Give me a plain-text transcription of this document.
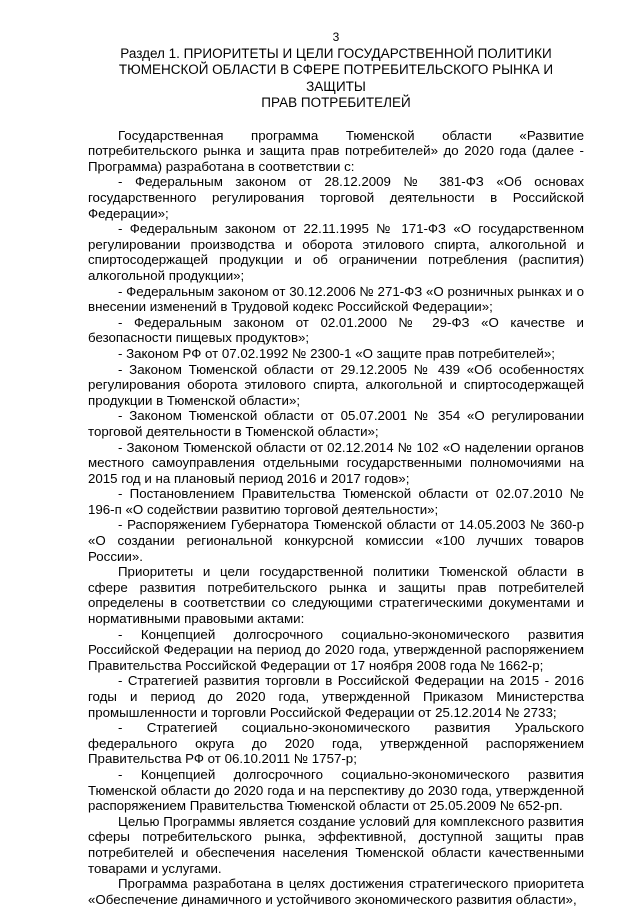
3
Раздел 1. ПРИОРИТЕТЫ И ЦЕЛИ ГОСУДАРСТВЕННОЙ ПОЛИТИКИ
ТЮМЕНСКОЙ ОБЛАСТИ В СФЕРЕ ПОТРЕБИТЕЛЬСКОГО РЫНКА И ЗАЩИТЫ
ПРАВ ПОТРЕБИТЕЛЕЙ

Государственная программа Тюменской области «Развитие потребительского рынка и защита прав потребителей» до 2020 года (далее - Программа) разработана в соответствии с:

- Федеральным законом от 28.12.2009 № 381-ФЗ «Об основах государственного регулирования торговой деятельности в Российской Федерации»;

- Федеральным законом от 22.11.1995 № 171-ФЗ «О государственном регулировании производства и оборота этилового спирта, алкогольной и спиртосодержащей продукции и об ограничении потребления (распития) алкогольной продукции»;

- Федеральным законом от 30.12.2006 № 271-ФЗ «О розничных рынках и о внесении изменений в Трудовой кодекс Российской Федерации»;

- Федеральным законом от 02.01.2000 № 29-ФЗ «О качестве и безопасности пищевых продуктов»;

- Законом РФ от 07.02.1992 № 2300-1 «О защите прав потребителей»;

- Законом Тюменской области от 29.12.2005 № 439 «Об особенностях регулирования оборота этилового спирта, алкогольной и спиртосодержащей продукции в Тюменской области»;

- Законом Тюменской области от 05.07.2001 № 354 «О регулировании торговой деятельности в Тюменской области»;

- Законом Тюменской области от 02.12.2014 № 102 «О наделении органов местного самоуправления отдельными государственными полномочиями на 2015 год и на плановый период 2016 и 2017 годов»;

- Постановлением Правительства Тюменской области от 02.07.2010 № 196-п «О содействии развитию торговой деятельности»;

- Распоряжением Губернатора Тюменской области от 14.05.2003 № 360-р «О создании региональной конкурсной комиссии «100 лучших товаров России».

Приоритеты и цели государственной политики Тюменской области в сфере развития потребительского рынка и защиты прав потребителей определены в соответствии со следующими стратегическими документами и нормативными правовыми актами:

- Концепцией долгосрочного социально-экономического развития Российской Федерации на период до 2020 года, утвержденной распоряжением Правительства Российской Федерации от 17 ноября 2008 года № 1662-р;

- Стратегией развития торговли в Российской Федерации на 2015 - 2016 годы и период до 2020 года, утвержденной Приказом Министерства промышленности и торговли Российской Федерации от 25.12.2014 № 2733;

- Стратегией социально-экономического развития Уральского федерального округа до 2020 года, утвержденной распоряжением Правительства РФ от 06.10.2011 № 1757-р;

- Концепцией долгосрочного социально-экономического развития Тюменской области до 2020 года и на перспективу до 2030 года, утвержденной распоряжением Правительства Тюменской области от 25.05.2009 № 652-рп.

Целью Программы является создание условий для комплексного развития сферы потребительского рынка, эффективной, доступной защиты прав потребителей и обеспечения населения Тюменской области качественными товарами и услугами.

Программа разработана в целях достижения стратегического приоритета «Обеспечение динамичного и устойчивого экономического развития области»,
